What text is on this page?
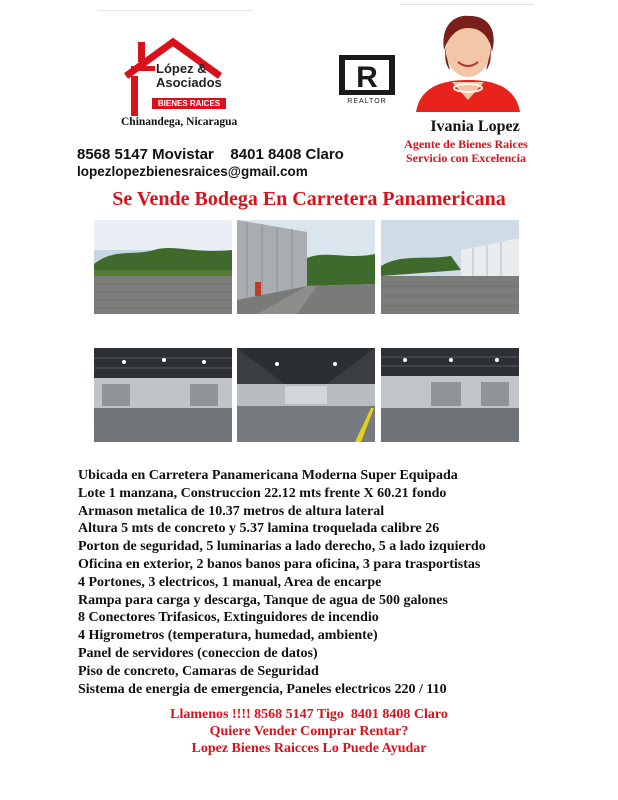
López &
Asociados
BIENES RAICES
Chinandega, Nicaragua
8568 5147 Movistar    8401 8408 Claro
lopezlopezbienesraices@gmail.com
R
REALTOR
Ivania Lopez
Agente de Bienes Raices
Servicio con Excelencia
Se Vende Bodega En Carretera Panamericana
Ubicada en Carretera Panamericana Moderna Super Equipada
Lote 1 manzana, Construccion 22.12 mts frente X 60.21 fondo
Armason metalica de 10.37 metros de altura lateral
Altura 5 mts de concreto y 5.37 lamina troquelada calibre 26
Porton de seguridad, 5 luminarias a lado derecho, 5 a lado izquierdo
Oficina en exterior, 2 banos banos para oficina, 3 para trasportistas
4 Portones, 3 electricos, 1 manual, Area de encarpe
Rampa para carga y descarga, Tanque de agua de 500 galones
8 Conectores Trifasicos, Extinguidores de incendio
4 Higrometros (temperatura, humedad, ambiente)
Panel de servidores (coneccion de datos)
Piso de concreto, Camaras de Seguridad
Sistema de energia de emergencia, Paneles electricos 220 / 110
Llamenos !!!! 8568 5147 Tigo  8401 8408 Claro
Quiere Vender Comprar Rentar?
Lopez Bienes Raicces Lo Puede Ayudar
